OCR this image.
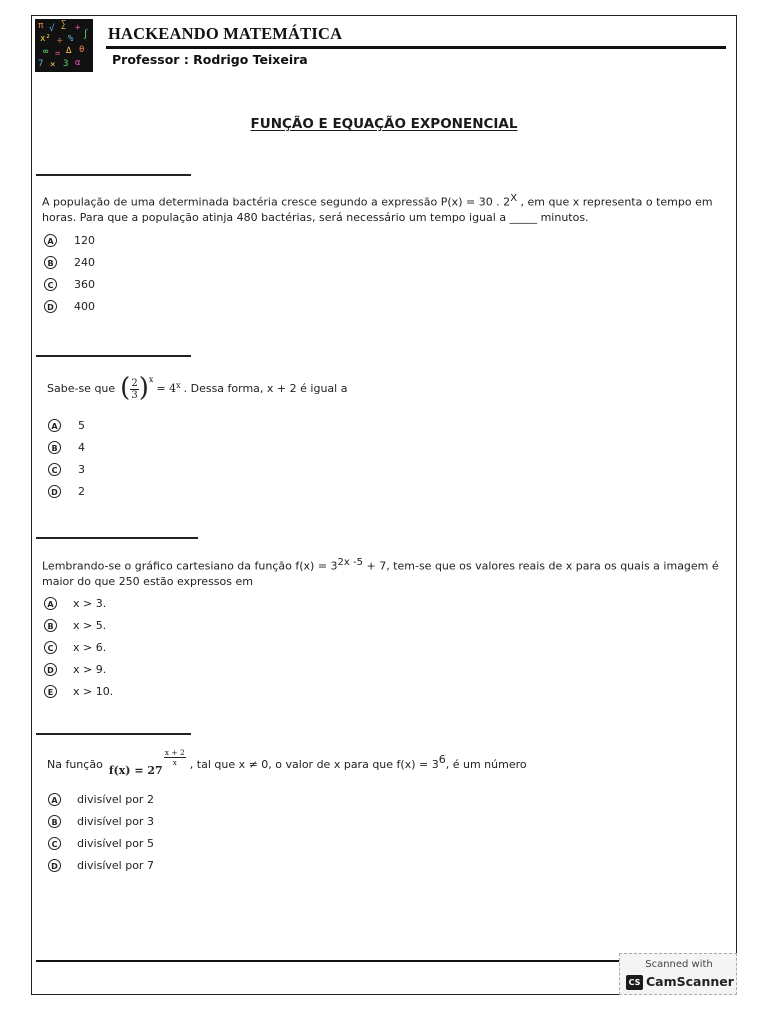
π √ ∑ +
∫
x² ÷ %
∞ = ∆ θ
7 × 3 α
HACKEANDO MATEMÁTICA
Professor : Rodrigo Teixeira
FUNÇÃO E EQUAÇÃO EXPONENCIAL
A população de uma determinada bactéria cresce segundo a expressão P(x) = 30 . $2^X$ , em que x representa o tempo em horas. Para que a população atinja 480 bactérias, será necessário um tempo igual a _____ minutos.
A	120
B	240
C	360
D 400
Sabe-se que ( $\frac{2}{3} )^x$
= $4^x$ . Dessa forma, x + 2 é igual a
A	5
B	4
C	3
D 2
Lembrando-se o gráfico cartesiano da função $f(x) = 3^{2x -5} + 7$, tem-se que os valores reais de x para os quais a imagem é maior do que 250 estão expressos em
A	x > 3.
B	x > 5.
C	x > 6.
D x > 9.
E	x > 10.
Na função f(x) = 27
$\frac{x + 2}{x}$ , tal que x ≠ 0, o valor de x para que f(x) = 3 6 , é um número
A	divisível por 2
B	divisível por 3
C	divisível por 5
D divisível por 7
Scanned with
CS CamScanner
